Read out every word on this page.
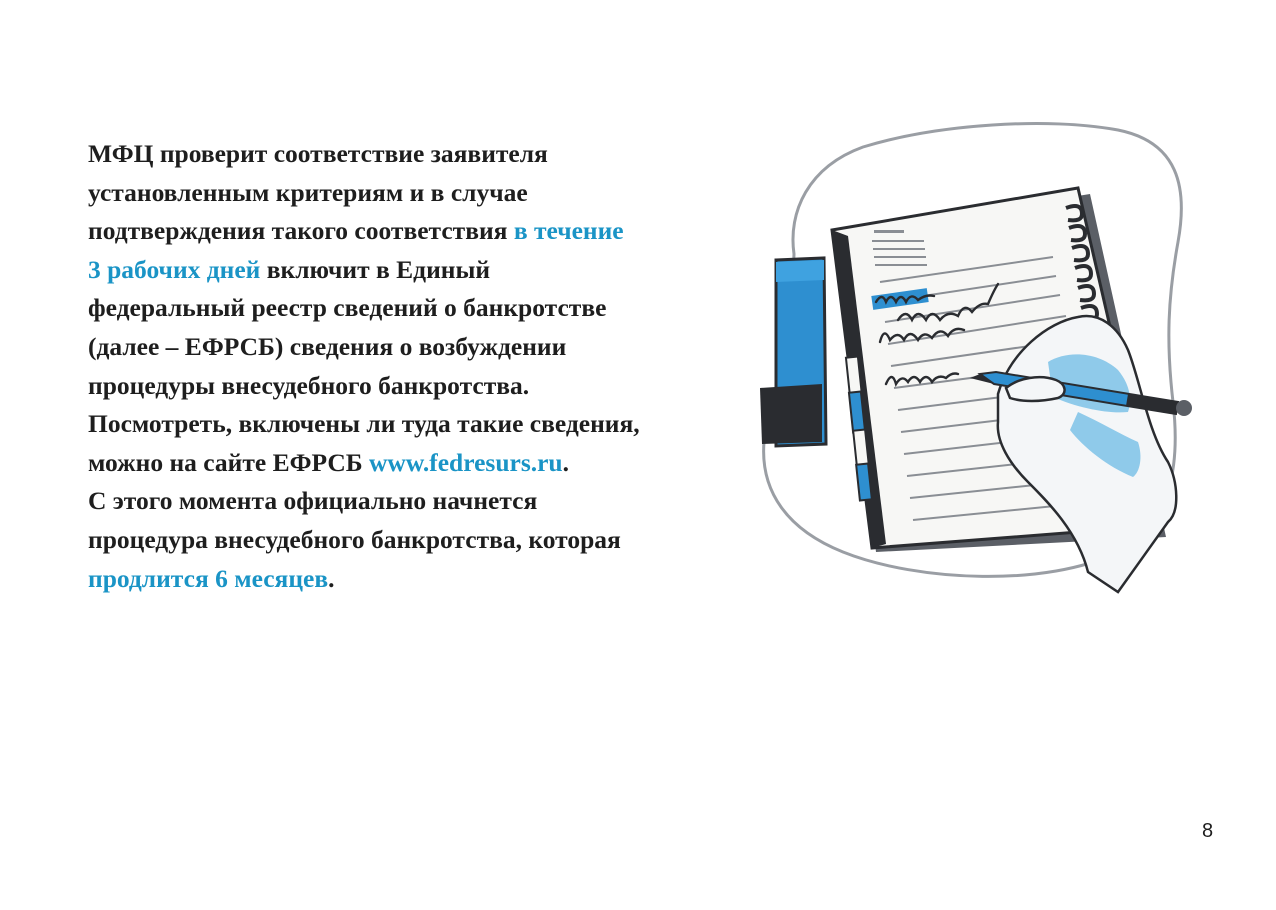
МФЦ проверит соответствие заявителя
установленным критериям и в случае
подтверждения такого соответствия в течение
3 рабочих дней включит в Единый
федеральный реестр сведений о банкротстве
(далее – ЕФРСБ) сведения о возбуждении
процедуры внесудебного банкротства.
Посмотреть, включены ли туда такие сведения,
можно на сайте ЕФРСБ www.fedresurs.ru.
С этого момента официально начнется
процедура внесудебного банкротства, которая
продлится 6 месяцев.
8
